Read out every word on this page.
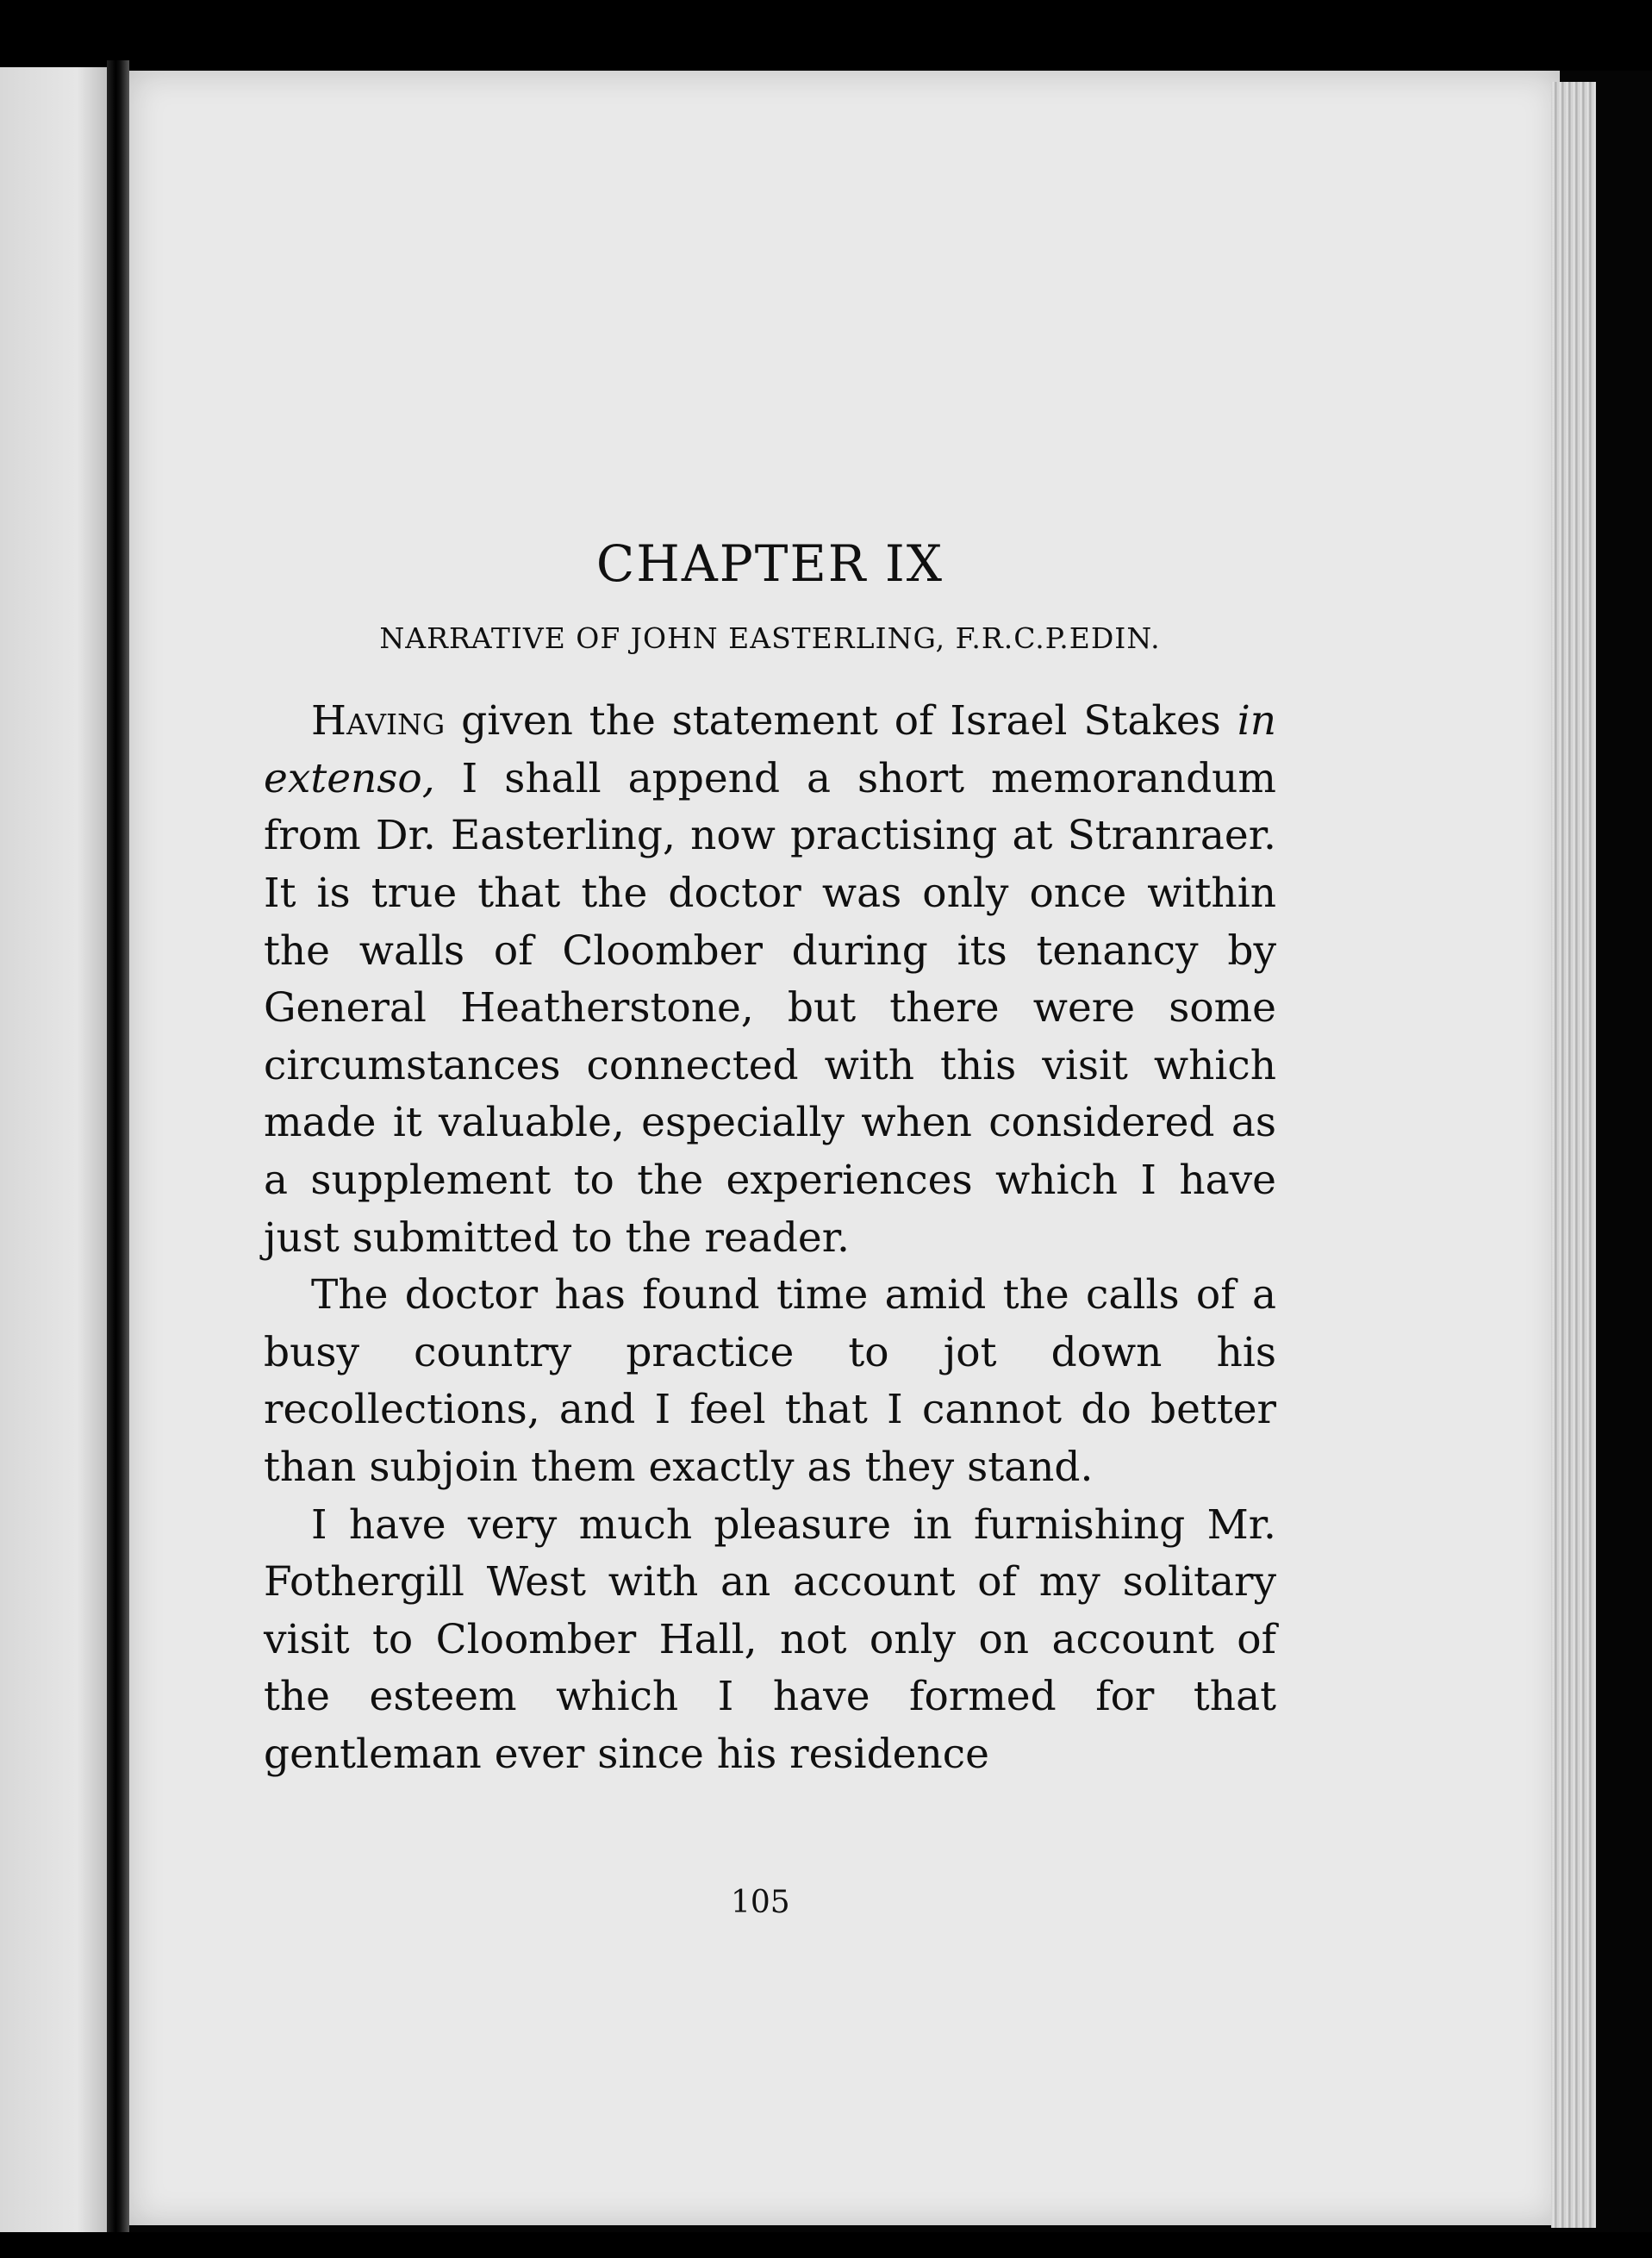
CHAPTER IX
NARRATIVE OF JOHN EASTERLING, F.R.C.P.EDIN.

Having given the statement of Israel Stakes in extenso, I shall append a short memorandum from Dr. Easterling, now practising at Stranraer. It is true that the doctor was only once within the walls of Cloomber during its tenancy by General Heatherstone, but there were some circumstances connected with this visit which made it valuable, especially when considered as a supplement to the experiences which I have just submitted to the reader.

The doctor has found time amid the calls of a busy country practice to jot down his recollections, and I feel that I cannot do better than subjoin them exactly as they stand.

I have very much pleasure in furnishing Mr. Fothergill West with an account of my solitary visit to Cloomber Hall, not only on account of the esteem which I have formed for that gentleman ever since his residence

105
